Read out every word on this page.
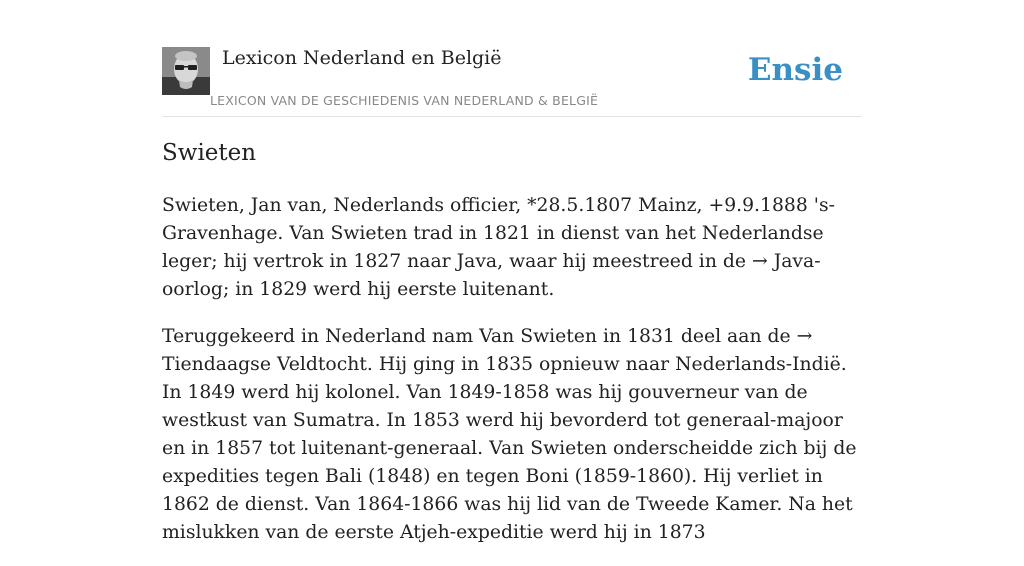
Lexicon Nederland en België
LEXICON VAN DE GESCHIEDENIS VAN NEDERLAND & BELGIË
Ensie
Swieten

Swieten, Jan van, Nederlands officier, *28.5.1807 Mainz, +9.9.1888 's-Gravenhage. Van Swieten trad in 1821 in dienst van het Nederlandse leger; hij vertrok in 1827 naar Java, waar hij meestreed in de → Java-oorlog; in 1829 werd hij eerste luitenant.

Teruggekeerd in Nederland nam Van Swieten in 1831 deel aan de → Tiendaagse Veldtocht. Hij ging in 1835 opnieuw naar Nederlands-Indië. In 1849 werd hij kolonel. Van 1849-1858 was hij gouverneur van de westkust van Sumatra. In 1853 werd hij bevorderd tot generaal-majoor en in 1857 tot luitenant-generaal. Van Swieten onderscheidde zich bij de expedities tegen Bali (1848) en tegen Boni (1859-1860). Hij verliet in 1862 de dienst. Van 1864-1866 was hij lid van de Tweede Kamer. Na het mislukken van de eerste Atjeh-expeditie werd hij in 1873
